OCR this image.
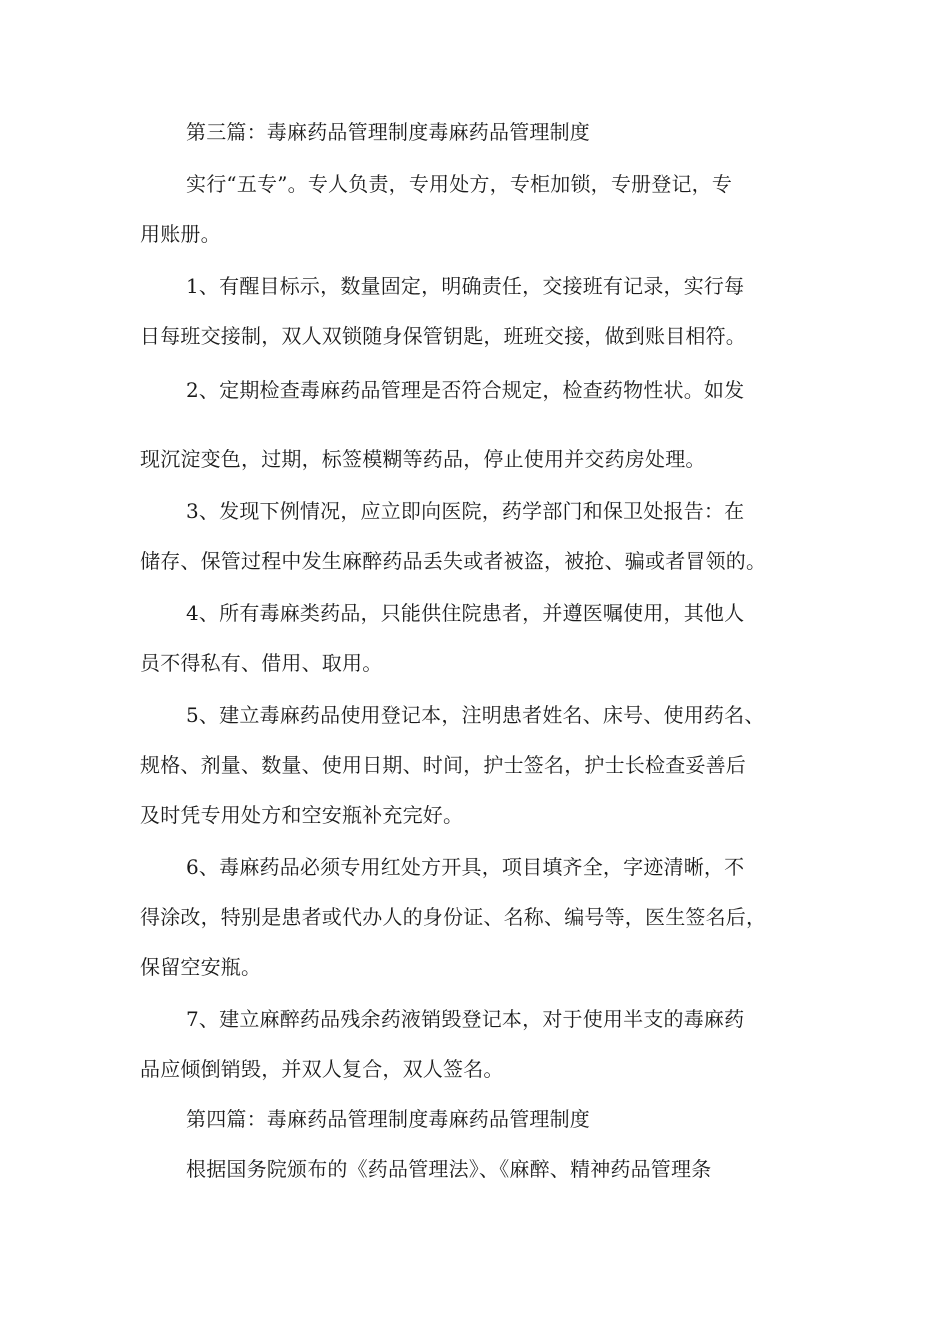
第三篇：毒麻药品管理制度毒麻药品管理制度
实行“五专”。专人负责，专用处方，专柜加锁，专册登记，专
用账册。
1、有醒目标示，数量固定，明确责任，交接班有记录，实行每
日每班交接制，双人双锁随身保管钥匙，班班交接，做到账目相符。
2、定期检查毒麻药品管理是否符合规定，检查药物性状。如发
现沉淀变色，过期，标签模糊等药品，停止使用并交药房处理。
3、发现下例情况，应立即向医院，药学部门和保卫处报告：在
储存、保管过程中发生麻醉药品丢失或者被盗，被抢、骗或者冒领的。
4、所有毒麻类药品，只能供住院患者，并遵医嘱使用，其他人
员不得私有、借用、取用。
5、建立毒麻药品使用登记本，注明患者姓名、床号、使用药名、
规格、剂量、数量、使用日期、时间，护士签名，护士长检查妥善后
及时凭专用处方和空安瓶补充完好。
6、毒麻药品必须专用红处方开具，项目填齐全，字迹清晰，不
得涂改，特别是患者或代办人的身份证、名称、编号等，医生签名后，
保留空安瓶。
7、建立麻醉药品残余药液销毁登记本，对于使用半支的毒麻药
品应倾倒销毁，并双人复合，双人签名。
第四篇：毒麻药品管理制度毒麻药品管理制度
根据国务院颁布的《药品管理法》、《麻醉、精神药品管理条
